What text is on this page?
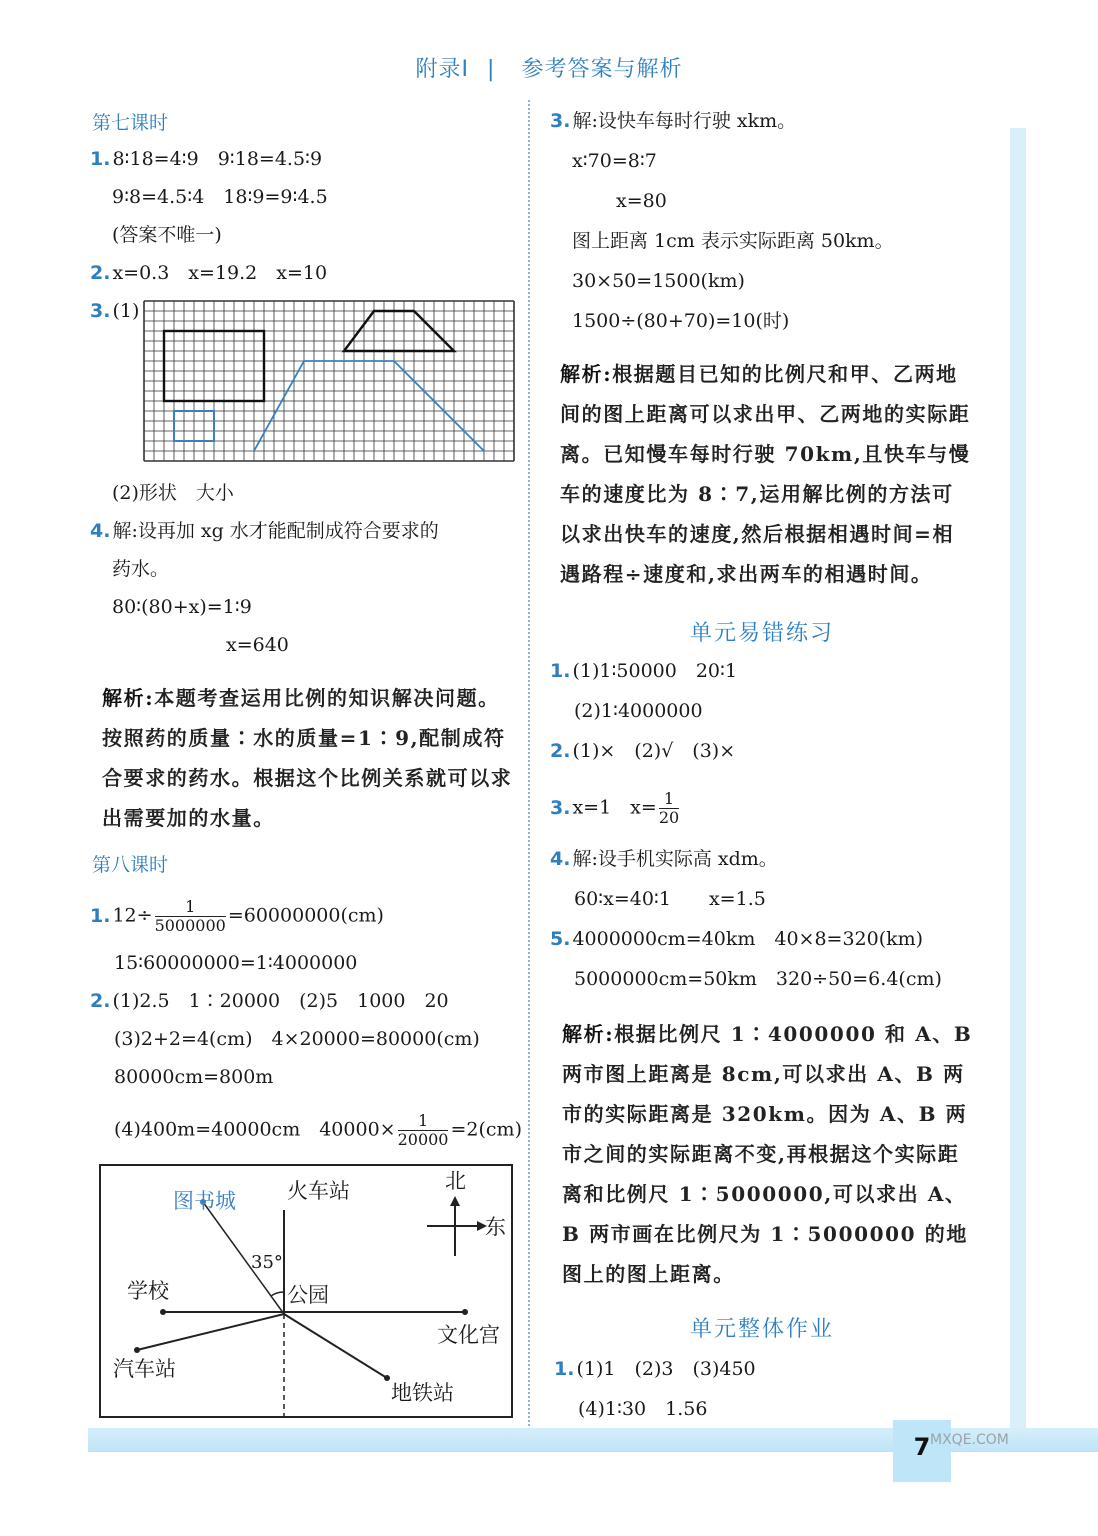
附录Ⅰ | 参考答案与解析
第七课时
1. 8∶18=4∶9　9∶18=4.5∶9
9∶8=4.5∶4　18∶9=9∶4.5
(答案不唯一)
2. x=0.3　x=19.2　x=10
3. (1)
(2)形状　大小
4. 解:设再加 xg 水才能配制成符合要求的
药水。
80∶(80+x)=1∶9
x=640
解析:本题考查运用比例的知识解决问题。按照药的质量∶水的质量=1∶9,配制成符合要求的药水。根据这个比例关系就可以求出需要加的水量。
第八课时
1. $12\div \frac{1}{5000000} =60000000(cm)$
15∶60000000=1∶4000000
2. (1)2.5　1∶20000　(2)5　1000　20
(3)2+2=4(cm)　4×20000=80000(cm)
80000cm=800m
(4)400m=40000cm　$40000\times \frac{1}{20000} =2(cm)$
图书城 火车站	北
东
35°
学校	公园
文化宫
汽车站
地铁站
3. 解:设快车每时行驶 xkm。
x∶70=8∶7
x=80
图上距离 1cm 表示实际距离 50km。
30×50=1500(km)
1500÷(80+70)=10(时)
解析:根据题目已知的比例尺和甲、乙两地间的图上距离可以求出甲、乙两地的实际距离。已知慢车每时行驶 70km,且快车与慢车的速度比为 8∶7,运用解比例的方法可以求出快车的速度,然后根据相遇时间=相遇路程÷速度和,求出两车的相遇时间。
单元易错练习
1. (1)1∶50000　20∶1
(2)1∶4000000
2. (1)×　(2)√　(3)×
3. x=1　$x= \frac{1}{20}$
4. 解:设手机实际高 xdm。
60∶x=40∶1　　x=1.5
5. 4000000cm=40km　40×8=320(km)
5000000cm=50km　320÷50=6.4(cm)
解析:根据比例尺 1∶4000000 和 A、B 两市图上距离是 8cm,可以求出 A、B 两市的实际距离是 320km。因为 A、B 两市之间的实际距离不变,再根据这个实际距离和比例尺 1∶5000000,可以求出 A、B 两市画在比例尺为 1∶5000000 的地图上的图上距离。
单元整体作业
1. (1)1　(2)3　(3)450
(4)1∶30　1.56
7 MXQE.COM
